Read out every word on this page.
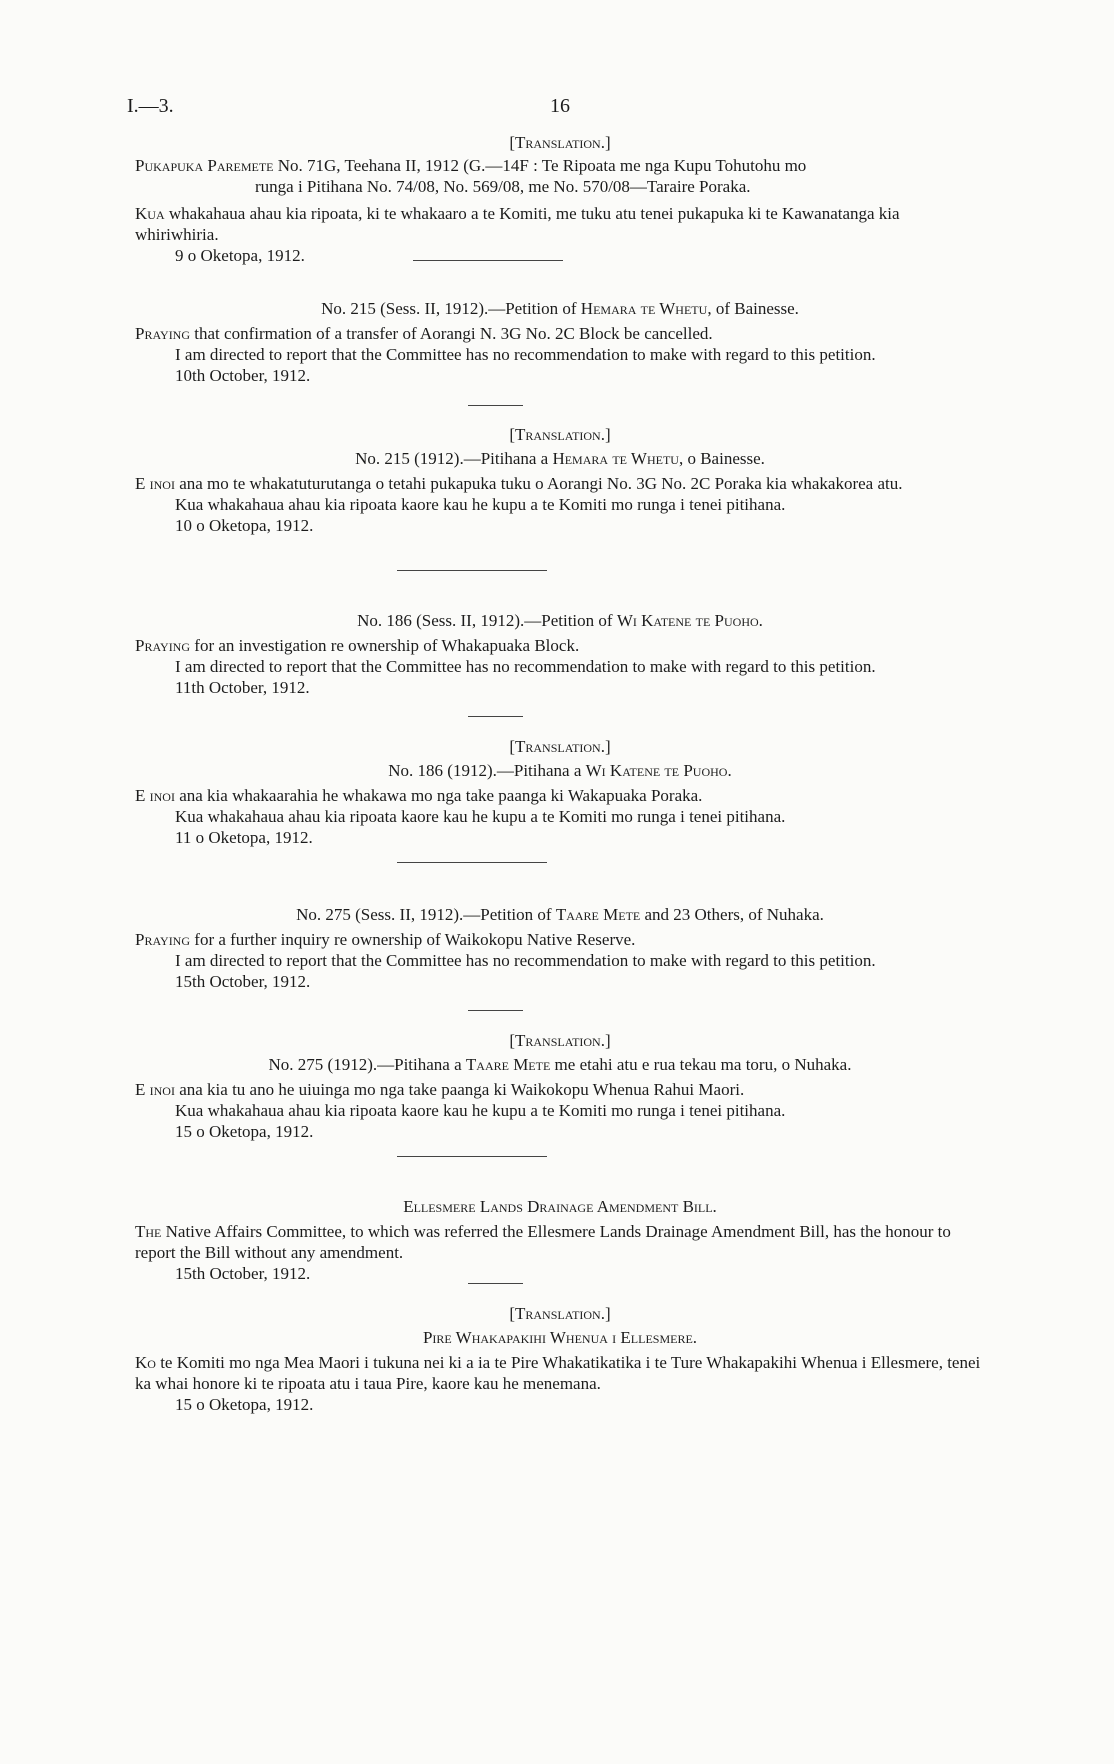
I.—3.	16

[Translation.]

Pukapuka Paremete No. 71G, Teehana II, 1912 (G.—14F : Te Ripoata me nga Kupu Tohutohu mo

runga i Pitihana No. 74/08, No. 569/08, me No. 570/08—Taraire Poraka.

Kua whakahaua ahau kia ripoata, ki te whakaaro a te Komiti, me tuku atu tenei pukapuka ki te Kawanatanga kia whiriwhiria.

9 o Oketopa, 1912.

No. 215 (Sess. II, 1912).—Petition of Hemara te Whetu, of Bainesse.

Praying that confirmation of a transfer of Aorangi N. 3G No. 2C Block be cancelled.

I am directed to report that the Committee has no recommendation to make with regard to this petition.

10th October, 1912.

[Translation.]

No. 215 (1912).—Pitihana a Hemara te Whetu, o Bainesse.

E inoi ana mo te whakatuturutanga o tetahi pukapuka tuku o Aorangi No. 3G No. 2C Poraka kia whakakorea atu.

Kua whakahaua ahau kia ripoata kaore kau he kupu a te Komiti mo runga i tenei pitihana.

10 o Oketopa, 1912.

No. 186 (Sess. II, 1912).—Petition of Wi Katene te Puoho.

Praying for an investigation re ownership of Whakapuaka Block.

I am directed to report that the Committee has no recommendation to make with regard to this petition.

11th October, 1912.

[Translation.]

No. 186 (1912).—Pitihana a Wi Katene te Puoho.

E inoi ana kia whakaarahia he whakawa mo nga take paanga ki Wakapuaka Poraka.

Kua whakahaua ahau kia ripoata kaore kau he kupu a te Komiti mo runga i tenei pitihana.

11 o Oketopa, 1912.

No. 275 (Sess. II, 1912).—Petition of Taare Mete and 23 Others, of Nuhaka.

Praying for a further inquiry re ownership of Waikokopu Native Reserve.

I am directed to report that the Committee has no recommendation to make with regard to this petition.

15th October, 1912.

[Translation.]

No. 275 (1912).—Pitihana a Taare Mete me etahi atu e rua tekau ma toru, o Nuhaka.

E inoi ana kia tu ano he uiuinga mo nga take paanga ki Waikokopu Whenua Rahui Maori.

Kua whakahaua ahau kia ripoata kaore kau he kupu a te Komiti mo runga i tenei pitihana.

15 o Oketopa, 1912.

Ellesmere Lands Drainage Amendment Bill.

The Native Affairs Committee, to which was referred the Ellesmere Lands Drainage Amendment Bill, has the honour to report the Bill without any amendment.

15th October, 1912.

[Translation.]

Pire Whakapakihi Whenua i Ellesmere.

Ko te Komiti mo nga Mea Maori i tukuna nei ki a ia te Pire Whakatikatika i te Ture Whakapakihi Whenua i Ellesmere, tenei ka whai honore ki te ripoata atu i taua Pire, kaore kau he menemana.

15 o Oketopa, 1912.
